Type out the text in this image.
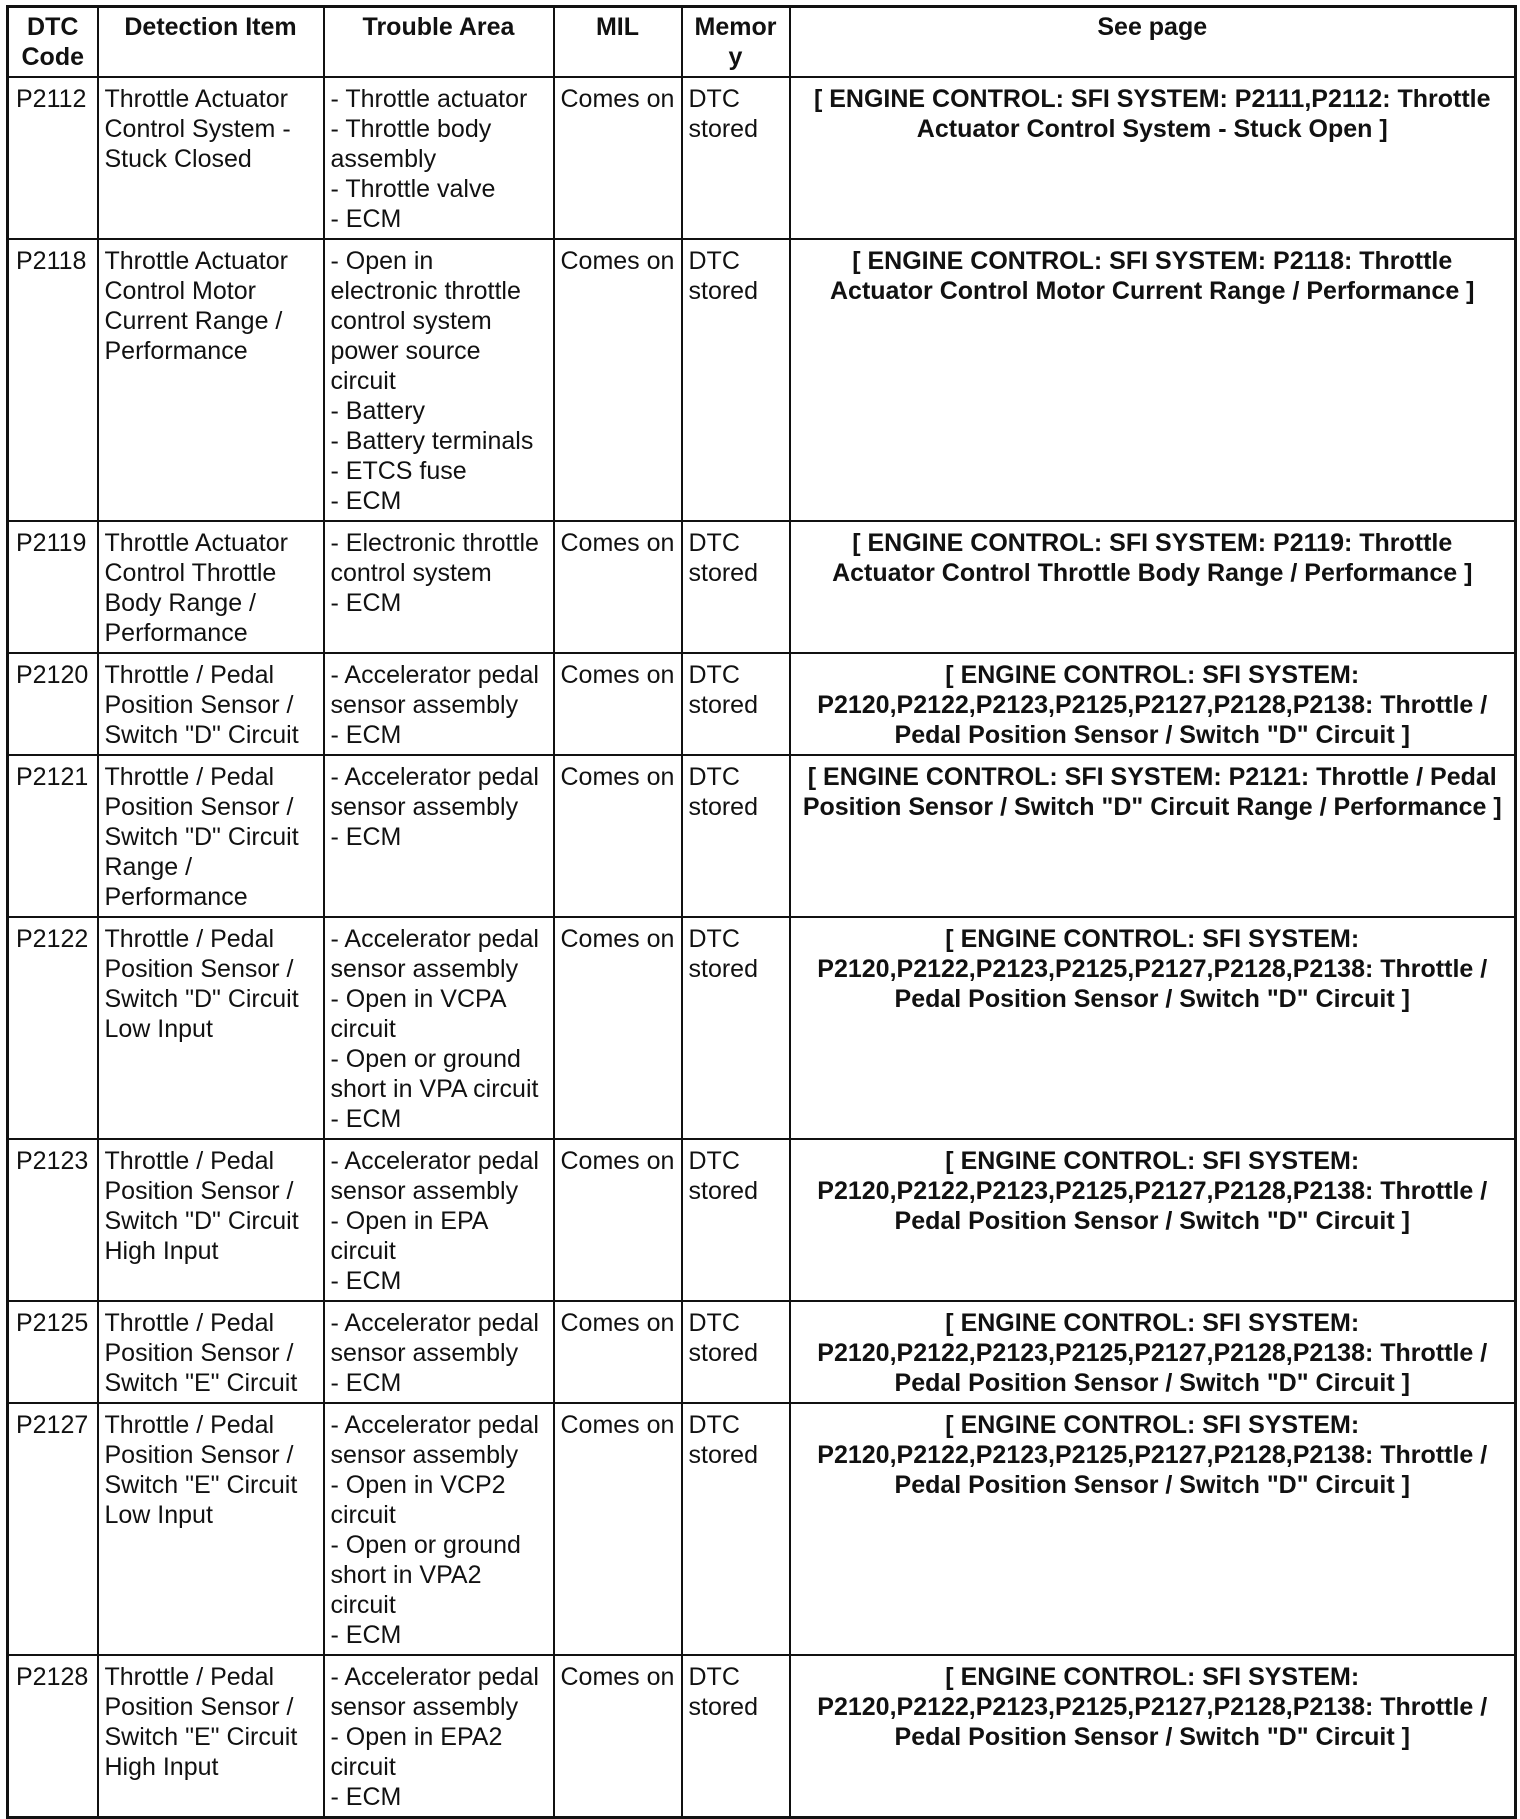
DTC Code	Detection Item	Trouble Area	MIL	Memory	See page
P2112	Throttle Actuator Control System - Stuck Closed	- Throttle actuator
- Throttle body assembly
- Throttle valve
- ECM	Comes on	DTC stored	[ ENGINE CONTROL: SFI SYSTEM: P2111,P2112: Throttle Actuator Control System - Stuck Open ]
P2118	Throttle Actuator Control Motor Current Range / Performance	- Open in electronic throttle control system power source circuit
- Battery
- Battery terminals
- ETCS fuse
- ECM	Comes on	DTC stored	[ ENGINE CONTROL: SFI SYSTEM: P2118: Throttle Actuator Control Motor Current Range / Performance ]
P2119	Throttle Actuator Control Throttle Body Range / Performance	- Electronic throttle control system
- ECM	Comes on	DTC stored	[ ENGINE CONTROL: SFI SYSTEM: P2119: Throttle Actuator Control Throttle Body Range / Performance ]
P2120	Throttle / Pedal Position Sensor / Switch "D" Circuit	- Accelerator pedal sensor assembly
- ECM	Comes on	DTC stored	[ ENGINE CONTROL: SFI SYSTEM: P2120,P2122,P2123,P2125,P2127,P2128,P2138: Throttle / Pedal Position Sensor / Switch "D" Circuit ]
P2121	Throttle / Pedal Position Sensor / Switch "D" Circuit Range / Performance	- Accelerator pedal sensor assembly
- ECM	Comes on	DTC stored	[ ENGINE CONTROL: SFI SYSTEM: P2121: Throttle / Pedal Position Sensor / Switch "D" Circuit Range / Performance ]
P2122	Throttle / Pedal Position Sensor / Switch "D" Circuit Low Input	- Accelerator pedal sensor assembly
- Open in VCPA circuit
- Open or ground short in VPA circuit
- ECM	Comes on	DTC stored	[ ENGINE CONTROL: SFI SYSTEM: P2120,P2122,P2123,P2125,P2127,P2128,P2138: Throttle / Pedal Position Sensor / Switch "D" Circuit ]
P2123	Throttle / Pedal Position Sensor / Switch "D" Circuit High Input	- Accelerator pedal sensor assembly
- Open in EPA circuit
- ECM	Comes on	DTC stored	[ ENGINE CONTROL: SFI SYSTEM: P2120,P2122,P2123,P2125,P2127,P2128,P2138: Throttle / Pedal Position Sensor / Switch "D" Circuit ]
P2125	Throttle / Pedal Position Sensor / Switch "E" Circuit	- Accelerator pedal sensor assembly
- ECM	Comes on	DTC stored	[ ENGINE CONTROL: SFI SYSTEM: P2120,P2122,P2123,P2125,P2127,P2128,P2138: Throttle / Pedal Position Sensor / Switch "D" Circuit ]
P2127	Throttle / Pedal Position Sensor / Switch "E" Circuit Low Input	- Accelerator pedal sensor assembly
- Open in VCP2 circuit
- Open or ground short in VPA2 circuit
- ECM	Comes on	DTC stored	[ ENGINE CONTROL: SFI SYSTEM: P2120,P2122,P2123,P2125,P2127,P2128,P2138: Throttle / Pedal Position Sensor / Switch "D" Circuit ]
P2128	Throttle / Pedal Position Sensor / Switch "E" Circuit High Input	- Accelerator pedal sensor assembly
- Open in EPA2 circuit
- ECM	Comes on	DTC stored	[ ENGINE CONTROL: SFI SYSTEM: P2120,P2122,P2123,P2125,P2127,P2128,P2138: Throttle / Pedal Position Sensor / Switch "D" Circuit ]
